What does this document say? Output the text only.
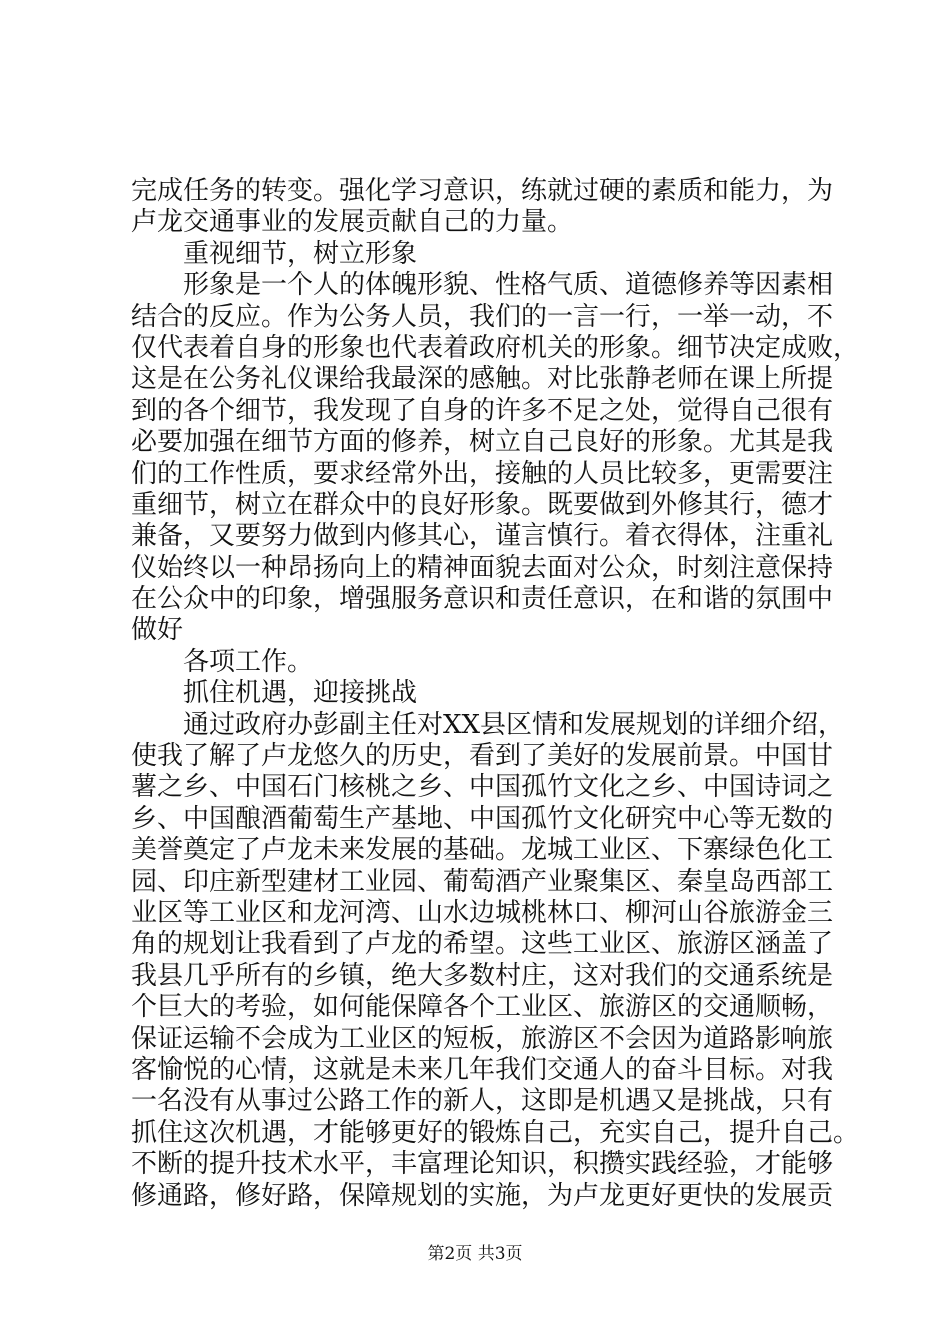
完成任务的转变。强化学习意识，练就过硬的素质和能力，为
卢龙交通事业的发展贡献自己的力量。
重视细节，树立形象
形象是一个人的体魄形貌、性格气质、道德修养等因素相
结合的反应。作为公务人员，我们的一言一行，一举一动，不
仅代表着自身的形象也代表着政府机关的形象。细节决定成败，
这是在公务礼仪课给我最深的感触。对比张静老师在课上所提
到的各个细节，我发现了自身的许多不足之处，觉得自己很有
必要加强在细节方面的修养，树立自己良好的形象。尤其是我
们的工作性质，要求经常外出，接触的人员比较多，更需要注
重细节，树立在群众中的良好形象。既要做到外修其行，德才
兼备，又要努力做到内修其心，谨言慎行。着衣得体，注重礼
仪始终以一种昂扬向上的精神面貌去面对公众，时刻注意保持
在公众中的印象，增强服务意识和责任意识，在和谐的氛围中
做好
各项工作。
抓住机遇，迎接挑战
通过政府办彭副主任对XX县区情和发展规划的详细介绍，
使我了解了卢龙悠久的历史，看到了美好的发展前景。中国甘
薯之乡、中国石门核桃之乡、中国孤竹文化之乡、中国诗词之
乡、中国酿酒葡萄生产基地、中国孤竹文化研究中心等无数的
美誉奠定了卢龙未来发展的基础。龙城工业区、下寨绿色化工
园、印庄新型建材工业园、葡萄酒产业聚集区、秦皇岛西部工
业区等工业区和龙河湾、山水边城桃林口、柳河山谷旅游金三
角的规划让我看到了卢龙的希望。这些工业区、旅游区涵盖了
我县几乎所有的乡镇，绝大多数村庄，这对我们的交通系统是
个巨大的考验，如何能保障各个工业区、旅游区的交通顺畅，
保证运输不会成为工业区的短板，旅游区不会因为道路影响旅
客愉悦的心情，这就是未来几年我们交通人的奋斗目标。对我
一名没有从事过公路工作的新人，这即是机遇又是挑战，只有
抓住这次机遇，才能够更好的锻炼自己，充实自己，提升自己。
不断的提升技术水平，丰富理论知识，积攒实践经验，才能够
修通路，修好路，保障规划的实施，为卢龙更好更快的发展贡
第2页 共3页
